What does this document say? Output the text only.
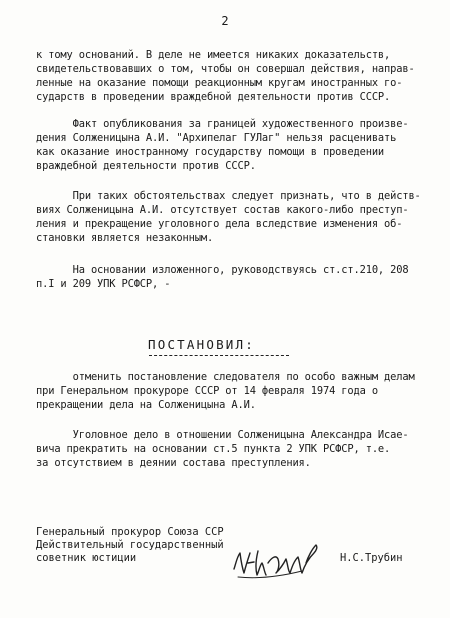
2
к тому оснований. В деле не имеется никаких доказательств,
свидетельствовавших о том, чтобы он совершал действия, направ-
ленные на оказание помощи реакционным кругам иностранных го-
сударств в проведении враждебной деятельности против СССР.
Факт опубликования за границей художественного произве-
дения Солженицына А.И. "Архипелаг ГУЛаг" нельзя расценивать
как оказание иностранному государству помощи в проведении
враждебной деятельности против СССР.
При таких обстоятельствах следует признать, что в действ-
виях Солженицына А.И. отсутствует состав какого-либо преступ-
ления и прекращение уголовного дела вследствие изменения об-
становки является незаконным.
На основании изложенного, руководствуясь ст.ст.210, 208
п.I и 209 УПК РСФСР, -
ПОСТАНОВИЛ:
отменить постановление следователя по особо важным делам
при Генеральном прокуроре СССР от 14 февраля 1974 года о
прекращении дела на Солженицына А.И.
Уголовное дело в отношении Солженицына Александра Исае-
вича прекратить на основании ст.5 пункта 2 УПК РСФСР, т.е.
за отсутствием в деянии состава преступления.
Генеральный прокурор Союза ССР
Действительный государственный
советник юстиции	Н.С.Трубин
